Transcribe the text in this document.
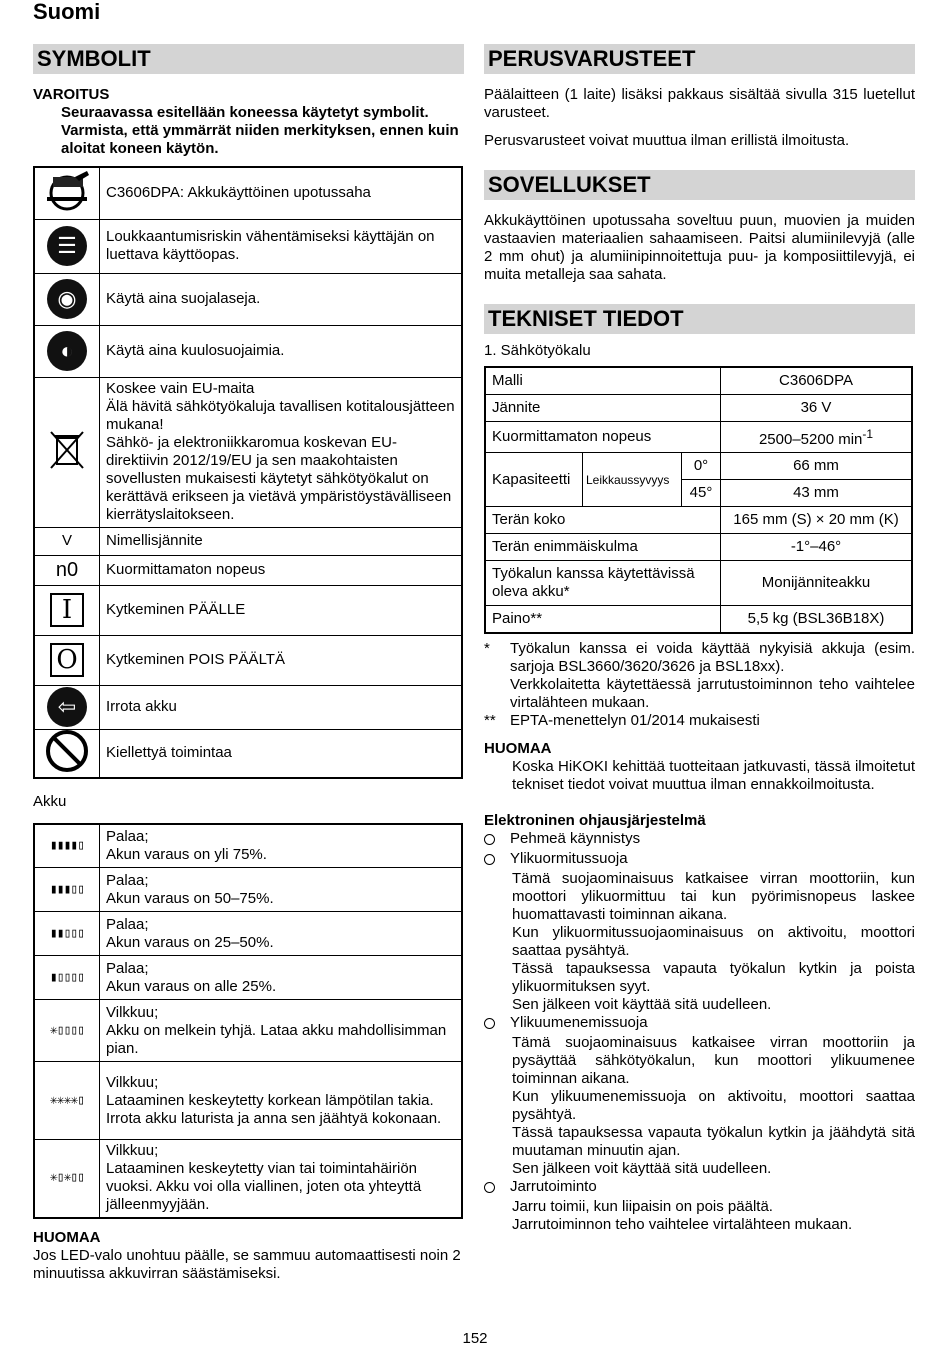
Suomi
SYMBOLIT
VAROITUS

Seuraavassa esitellään koneessa käytetyt symbolit. Varmista, että ymmärrät niiden merkityksen, ennen kuin aloitat koneen käytön.

	C3606DPA: Akkukäyttöinen upotussaha
☰	Loukkaantumisriskin vähentämiseksi käyttäjän on luettava käyttöopas.
◉	Käytä aina suojalaseja.
◐	Käytä aina kuulosuojaimia.

Koskee vain EU-maita
Älä hävitä sähkötyökaluja tavallisen kotitalousjätteen mukana!
Sähkö- ja elektroniikkaromua koskevan EU-direktiivin 2012/19/EU ja sen maakohtaisten sovellusten mukaisesti käytetyt sähkötyökalut on kerättävä erikseen ja vietävä ympäristöystävälliseen kierrätyslaitokseen.

V	Nimellisjännite
n0	Kuormittamaton nopeus
I	Kytkeminen PÄÄLLE
O	Kytkeminen POIS PÄÄLTÄ
⇦	Irrota akku
	Kiellettyä toimintaa
Akku
▮▮▮▮▯	Palaa;
Akun varaus on yli 75%.

▮▮▮▯▯	Palaa;
Akun varaus on 50–75%.

▮▮▯▯▯	Palaa;
Akun varaus on 25–50%.

▮▯▯▯▯	Palaa;
Akun varaus on alle 25%.

✳▯▯▯▯	Vilkkuu;
Akku on melkein tyhjä. Lataa akku mahdollisimman pian.

✳✳✳✳▯	Vilkkuu;
Lataaminen keskeytetty korkean lämpötilan takia. Irrota akku laturista ja anna sen jäähtyä kokonaan.

✳▯✳▯▯	Vilkkuu;
Lataaminen keskeytetty vian tai toimintahäiriön vuoksi. Akku voi olla viallinen, joten ota yhteyttä jälleenmyyjään.
HUOMAA

Jos LED-valo unohtuu päälle, se sammuu automaattisesti noin 2 minuutissa akkuvirran säästämiseksi.

PERUSVARUSTEET

Päälaitteen (1 laite) lisäksi pakkaus sisältää sivulla 315 luetellut varusteet.

Perusvarusteet voivat muuttua ilman erillistä ilmoitusta.

SOVELLUKSET

Akkukäyttöinen upotussaha soveltuu puun, muovien ja muiden vastaavien materiaalien sahaamiseen. Paitsi alumiinilevyjä (alle 2 mm ohut) ja alumiinipinnoitettuja puu- ja komposiittilevyjä, ei muita metalleja saa sahata.

TEKNISET TIEDOT
1. Sähkötyökalu
Malli			C3606DPA
Jännite			36 V
Kuormittamaton nopeus			2500–5200 $\min^{-1}$
Kapasiteetti	Leikkaussyvyys	0°	66 mm
		45°	43 mm
Terän koko			165 mm (S) × 20 mm (K)
Terän enimmäiskulma			-1°–46°
Työkalun kanssa käytettävissä oleva akku*			Monijänniteakku
Paino**			5,5 kg (BSL36B18X)
*	Työkalun kanssa ei voida käyttää nykyisiä akkuja (esim. sarjoja BSL3660/3620/3626 ja BSL18xx).
Verkkolaitetta käytettäessä jarrutustoiminnon teho vaihtelee virtalähteen mukaan.
** EPTA-menettelyn 01/2014 mukaisesti
HUOMAA

Koska HiKOKI kehittää tuotteitaan jatkuvasti, tässä ilmoitetut tekniset tiedot voivat muuttua ilman ennakkoilmoitusta.

Elektroninen ohjausjärjestelmä
Pehmeä käynnistys
Ylikuormitussuoja
Tämä suojaominaisuus katkaisee virran moottoriin, kun moottori ylikuormittuu tai kun pyörimisnopeus laskee huomattavasti toiminnan aikana.
Kun ylikuormitussuojaominaisuus on aktivoitu, moottori saattaa pysähtyä.
Tässä tapauksessa vapauta työkalun kytkin ja poista ylikuormituksen syyt.
Sen jälkeen voit käyttää sitä uudelleen.
Ylikuumenemissuoja
Tämä suojaominaisuus katkaisee virran moottoriin ja pysäyttää sähkötyökalun, kun moottori ylikuumenee toiminnan aikana.
Kun ylikuumenemissuoja on aktivoitu, moottori saattaa pysähtyä.
Tässä tapauksessa vapauta työkalun kytkin ja jäähdytä sitä muutaman minuutin ajan.
Sen jälkeen voit käyttää sitä uudelleen.
Jarrutoiminto
Jarru toimii, kun liipaisin on pois päältä.
Jarrutoiminnon teho vaihtelee virtalähteen mukaan.
152
